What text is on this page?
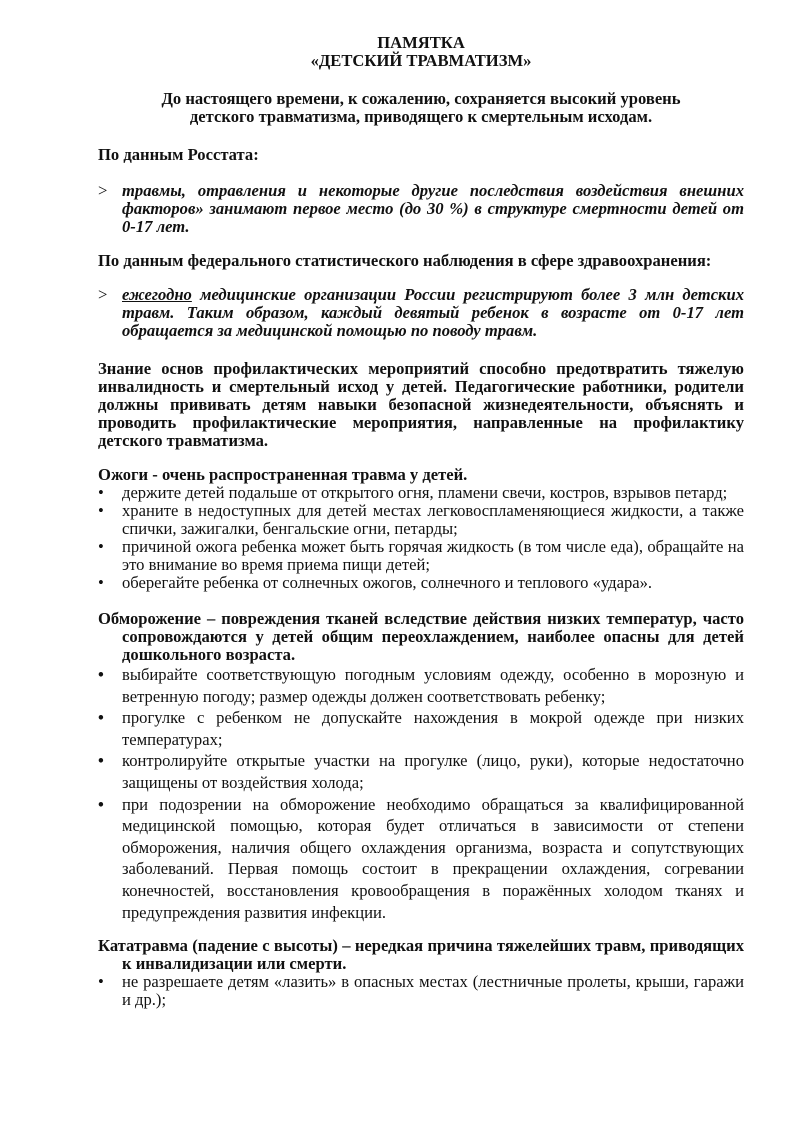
ПАМЯТКА
«ДЕТСКИЙ ТРАВМАТИЗМ»
До настоящего времени, к сожалению, сохраняется высокий уровень
детского травматизма, приводящего к смертельным исходам.
По данным Росстата:
> травмы, отравления и некоторые другие последствия воздействия внешних факторов» занимают первое место (до 30 %) в структуре смертности детей от 0-17 лет.
По данным федерального статистического наблюдения в сфере здравоохранения:
> ежегодно медицинские организации России регистрируют более 3 млн детских травм. Таким образом, каждый девятый ребенок в возрасте от 0-17 лет обращается за медицинской помощью по поводу травм.
Знание основ профилактических мероприятий способно предотвратить тяжелую инвалидность и смертельный исход у детей. Педагогические работники, родители должны прививать детям навыки безопасной жизнедеятельности, объяснять и проводить профилактические мероприятия, направленные на профилактику детского травматизма.
Ожоги - очень распространенная травма у детей.
•	держите детей подальше от открытого огня, пламени свечи, костров, взрывов петард;
•	храните в недоступных для детей местах легковоспламеняющиеся жидкости, а также спички, зажигалки, бенгальские огни, петарды;
•	причиной ожога ребенка может быть горячая жидкость (в том числе еда), обращайте на это внимание во время приема пищи детей;
•	оберегайте ребенка от солнечных ожогов, солнечного и теплового «удара».
Обморожение – повреждения тканей вследствие действия низких температур, часто сопровождаются у детей общим переохлаждением, наиболее опасны для детей дошкольного возраста.
•	выбирайте соответствующую погодным условиям одежду, особенно в морозную и ветренную погоду; размер одежды должен соответствовать ребенку;
•	прогулке с ребенком не допускайте нахождения в мокрой одежде при низких температурах;
•	контролируйте открытые участки на прогулке (лицо, руки), которые недостаточно защищены от воздействия холода;
•	при подозрении на обморожение необходимо обращаться за квалифицированной медицинской помощью, которая будет отличаться в зависимости от степени обморожения, наличия общего охлаждения организма, возраста и сопутствующих заболеваний. Первая помощь состоит в прекращении охлаждения, согревании конечностей, восстановления кровообращения в поражённых холодом тканях и предупреждения развития инфекции.
Кататравма (падение с высоты) – нередкая причина тяжелейших травм, приводящих к инвалидизации или смерти.
•	не разрешаете детям «лазить» в опасных местах (лестничные пролеты, крыши, гаражи и др.);
